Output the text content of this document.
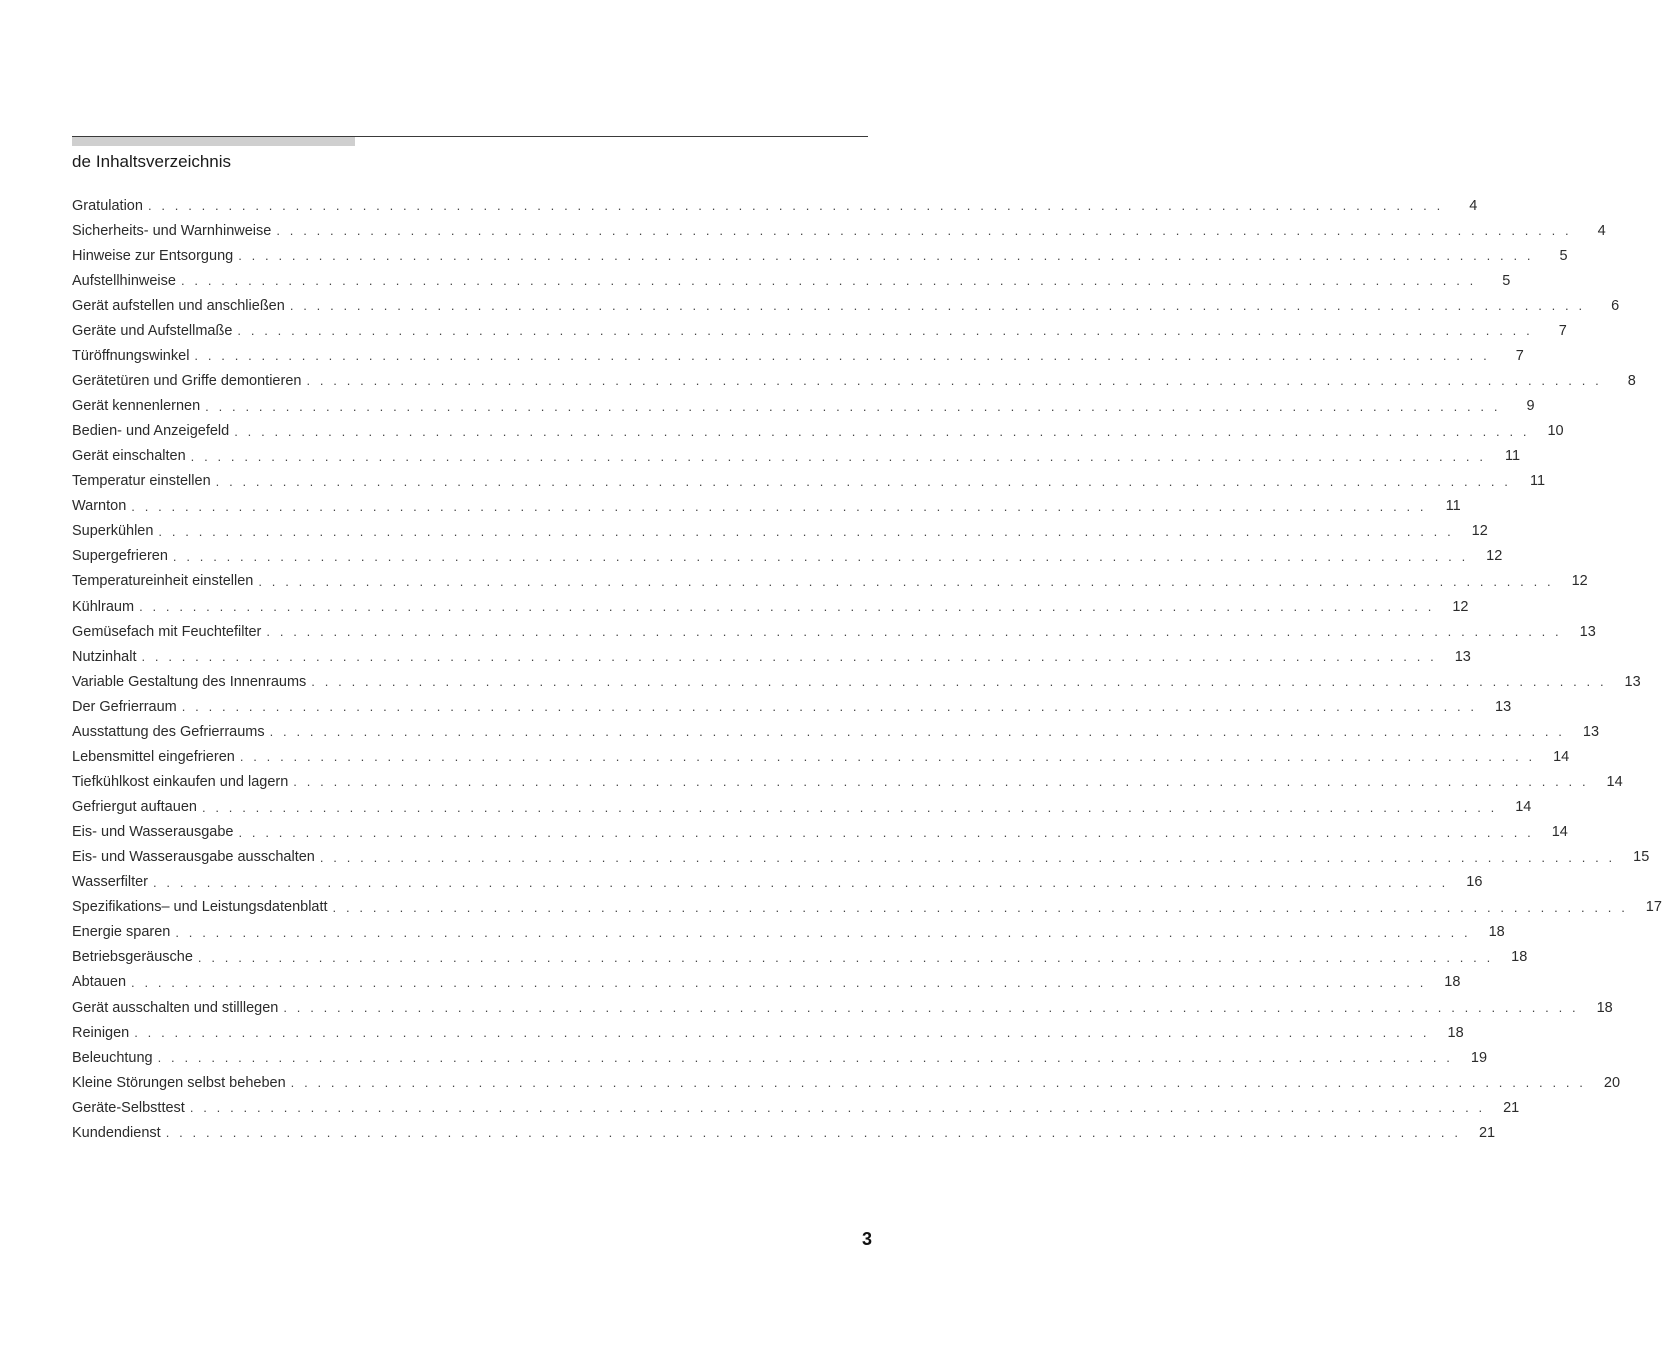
de Inhaltsverzeichnis
Gratulation . . . . . . . . . . . . . . . . . . . . . . . . . . . . . . . . . . . . . . . . . . . . . . . . . . . . . . . . . . . . . . . . . . . . . . . . . . . . . . . . . . . . . . . . . . . . . . . . .	4
Sicherheits- und Warnhinweise . . . . . . . . . . . . . . . . . . . . . . . . . . . . . . . . . . . . . . . . . . . . . . . . . . . . . . . . . . . . . . . . . . . . . . . . . . . . . . . . . . . . . . . . . . . . . . . . .	4
Hinweise zur Entsorgung . . . . . . . . . . . . . . . . . . . . . . . . . . . . . . . . . . . . . . . . . . . . . . . . . . . . . . . . . . . . . . . . . . . . . . . . . . . . . . . . . . . . . . . . . . . . . . . . .	5
Aufstellhinweise . . . . . . . . . . . . . . . . . . . . . . . . . . . . . . . . . . . . . . . . . . . . . . . . . . . . . . . . . . . . . . . . . . . . . . . . . . . . . . . . . . . . . . . . . . . . . . . . .	5
Gerät aufstellen und anschließen . . . . . . . . . . . . . . . . . . . . . . . . . . . . . . . . . . . . . . . . . . . . . . . . . . . . . . . . . . . . . . . . . . . . . . . . . . . . . . . . . . . . . . . . . . . . . . . . .	6
Geräte und Aufstellmaße . . . . . . . . . . . . . . . . . . . . . . . . . . . . . . . . . . . . . . . . . . . . . . . . . . . . . . . . . . . . . . . . . . . . . . . . . . . . . . . . . . . . . . . . . . . . . . . . .	7
Türöffnungswinkel . . . . . . . . . . . . . . . . . . . . . . . . . . . . . . . . . . . . . . . . . . . . . . . . . . . . . . . . . . . . . . . . . . . . . . . . . . . . . . . . . . . . . . . . . . . . . . . . .	7
Gerätetüren und Griffe demontieren . . . . . . . . . . . . . . . . . . . . . . . . . . . . . . . . . . . . . . . . . . . . . . . . . . . . . . . . . . . . . . . . . . . . . . . . . . . . . . . . . . . . . . . . . . . . . . . . .	8
Gerät kennenlernen . . . . . . . . . . . . . . . . . . . . . . . . . . . . . . . . . . . . . . . . . . . . . . . . . . . . . . . . . . . . . . . . . . . . . . . . . . . . . . . . . . . . . . . . . . . . . . . . .	9
Bedien- und Anzeigefeld . . . . . . . . . . . . . . . . . . . . . . . . . . . . . . . . . . . . . . . . . . . . . . . . . . . . . . . . . . . . . . . . . . . . . . . . . . . . . . . . . . . . . . . . . . . . . . . . .	10
Gerät einschalten . . . . . . . . . . . . . . . . . . . . . . . . . . . . . . . . . . . . . . . . . . . . . . . . . . . . . . . . . . . . . . . . . . . . . . . . . . . . . . . . . . . . . . . . . . . . . . . . .	11
Temperatur einstellen . . . . . . . . . . . . . . . . . . . . . . . . . . . . . . . . . . . . . . . . . . . . . . . . . . . . . . . . . . . . . . . . . . . . . . . . . . . . . . . . . . . . . . . . . . . . . . . . .	11
Warnton . . . . . . . . . . . . . . . . . . . . . . . . . . . . . . . . . . . . . . . . . . . . . . . . . . . . . . . . . . . . . . . . . . . . . . . . . . . . . . . . . . . . . . . . . . . . . . . . .	11
Superkühlen . . . . . . . . . . . . . . . . . . . . . . . . . . . . . . . . . . . . . . . . . . . . . . . . . . . . . . . . . . . . . . . . . . . . . . . . . . . . . . . . . . . . . . . . . . . . . . . . .	12
Supergefrieren . . . . . . . . . . . . . . . . . . . . . . . . . . . . . . . . . . . . . . . . . . . . . . . . . . . . . . . . . . . . . . . . . . . . . . . . . . . . . . . . . . . . . . . . . . . . . . . . .	12
Temperatureinheit einstellen . . . . . . . . . . . . . . . . . . . . . . . . . . . . . . . . . . . . . . . . . . . . . . . . . . . . . . . . . . . . . . . . . . . . . . . . . . . . . . . . . . . . . . . . . . . . . . . . .	12
Kühlraum . . . . . . . . . . . . . . . . . . . . . . . . . . . . . . . . . . . . . . . . . . . . . . . . . . . . . . . . . . . . . . . . . . . . . . . . . . . . . . . . . . . . . . . . . . . . . . . . .	12
Gemüsefach mit Feuchtefilter . . . . . . . . . . . . . . . . . . . . . . . . . . . . . . . . . . . . . . . . . . . . . . . . . . . . . . . . . . . . . . . . . . . . . . . . . . . . . . . . . . . . . . . . . . . . . . . . .	13
Nutzinhalt . . . . . . . . . . . . . . . . . . . . . . . . . . . . . . . . . . . . . . . . . . . . . . . . . . . . . . . . . . . . . . . . . . . . . . . . . . . . . . . . . . . . . . . . . . . . . . . . .	13
Variable Gestaltung des Innenraums . . . . . . . . . . . . . . . . . . . . . . . . . . . . . . . . . . . . . . . . . . . . . . . . . . . . . . . . . . . . . . . . . . . . . . . . . . . . . . . . . . . . . . . . . . . . . . . . .	13
Der Gefrierraum . . . . . . . . . . . . . . . . . . . . . . . . . . . . . . . . . . . . . . . . . . . . . . . . . . . . . . . . . . . . . . . . . . . . . . . . . . . . . . . . . . . . . . . . . . . . . . . . .	13
Ausstattung des Gefrierraums . . . . . . . . . . . . . . . . . . . . . . . . . . . . . . . . . . . . . . . . . . . . . . . . . . . . . . . . . . . . . . . . . . . . . . . . . . . . . . . . . . . . . . . . . . . . . . . . .	13
Lebensmittel eingefrieren . . . . . . . . . . . . . . . . . . . . . . . . . . . . . . . . . . . . . . . . . . . . . . . . . . . . . . . . . . . . . . . . . . . . . . . . . . . . . . . . . . . . . . . . . . . . . . . . .	14
Tiefkühlkost einkaufen und lagern . . . . . . . . . . . . . . . . . . . . . . . . . . . . . . . . . . . . . . . . . . . . . . . . . . . . . . . . . . . . . . . . . . . . . . . . . . . . . . . . . . . . . . . . . . . . . . . . .	14
Gefriergut auftauen . . . . . . . . . . . . . . . . . . . . . . . . . . . . . . . . . . . . . . . . . . . . . . . . . . . . . . . . . . . . . . . . . . . . . . . . . . . . . . . . . . . . . . . . . . . . . . . . .	14
Eis- und Wasserausgabe . . . . . . . . . . . . . . . . . . . . . . . . . . . . . . . . . . . . . . . . . . . . . . . . . . . . . . . . . . . . . . . . . . . . . . . . . . . . . . . . . . . . . . . . . . . . . . . . .	14
Eis- und Wasserausgabe ausschalten . . . . . . . . . . . . . . . . . . . . . . . . . . . . . . . . . . . . . . . . . . . . . . . . . . . . . . . . . . . . . . . . . . . . . . . . . . . . . . . . . . . . . . . . . . . . . . . . .	15
Wasserfilter . . . . . . . . . . . . . . . . . . . . . . . . . . . . . . . . . . . . . . . . . . . . . . . . . . . . . . . . . . . . . . . . . . . . . . . . . . . . . . . . . . . . . . . . . . . . . . . . .	16
Spezifikations– und Leistungsdatenblatt . . . . . . . . . . . . . . . . . . . . . . . . . . . . . . . . . . . . . . . . . . . . . . . . . . . . . . . . . . . . . . . . . . . . . . . . . . . . . . . . . . . . . . . . . . . . . . . . .	17
Energie sparen . . . . . . . . . . . . . . . . . . . . . . . . . . . . . . . . . . . . . . . . . . . . . . . . . . . . . . . . . . . . . . . . . . . . . . . . . . . . . . . . . . . . . . . . . . . . . . . . .	18
Betriebsgeräusche . . . . . . . . . . . . . . . . . . . . . . . . . . . . . . . . . . . . . . . . . . . . . . . . . . . . . . . . . . . . . . . . . . . . . . . . . . . . . . . . . . . . . . . . . . . . . . . . .	18
Abtauen . . . . . . . . . . . . . . . . . . . . . . . . . . . . . . . . . . . . . . . . . . . . . . . . . . . . . . . . . . . . . . . . . . . . . . . . . . . . . . . . . . . . . . . . . . . . . . . . .	18
Gerät ausschalten und stilllegen . . . . . . . . . . . . . . . . . . . . . . . . . . . . . . . . . . . . . . . . . . . . . . . . . . . . . . . . . . . . . . . . . . . . . . . . . . . . . . . . . . . . . . . . . . . . . . . . .	18
Reinigen . . . . . . . . . . . . . . . . . . . . . . . . . . . . . . . . . . . . . . . . . . . . . . . . . . . . . . . . . . . . . . . . . . . . . . . . . . . . . . . . . . . . . . . . . . . . . . . . .	18
Beleuchtung . . . . . . . . . . . . . . . . . . . . . . . . . . . . . . . . . . . . . . . . . . . . . . . . . . . . . . . . . . . . . . . . . . . . . . . . . . . . . . . . . . . . . . . . . . . . . . . . .	19
Kleine Störungen selbst beheben . . . . . . . . . . . . . . . . . . . . . . . . . . . . . . . . . . . . . . . . . . . . . . . . . . . . . . . . . . . . . . . . . . . . . . . . . . . . . . . . . . . . . . . . . . . . . . . . .	20
Geräte-Selbsttest . . . . . . . . . . . . . . . . . . . . . . . . . . . . . . . . . . . . . . . . . . . . . . . . . . . . . . . . . . . . . . . . . . . . . . . . . . . . . . . . . . . . . . . . . . . . . . . . .	21
Kundendienst . . . . . . . . . . . . . . . . . . . . . . . . . . . . . . . . . . . . . . . . . . . . . . . . . . . . . . . . . . . . . . . . . . . . . . . . . . . . . . . . . . . . . . . . . . . . . . . . .	21
3
